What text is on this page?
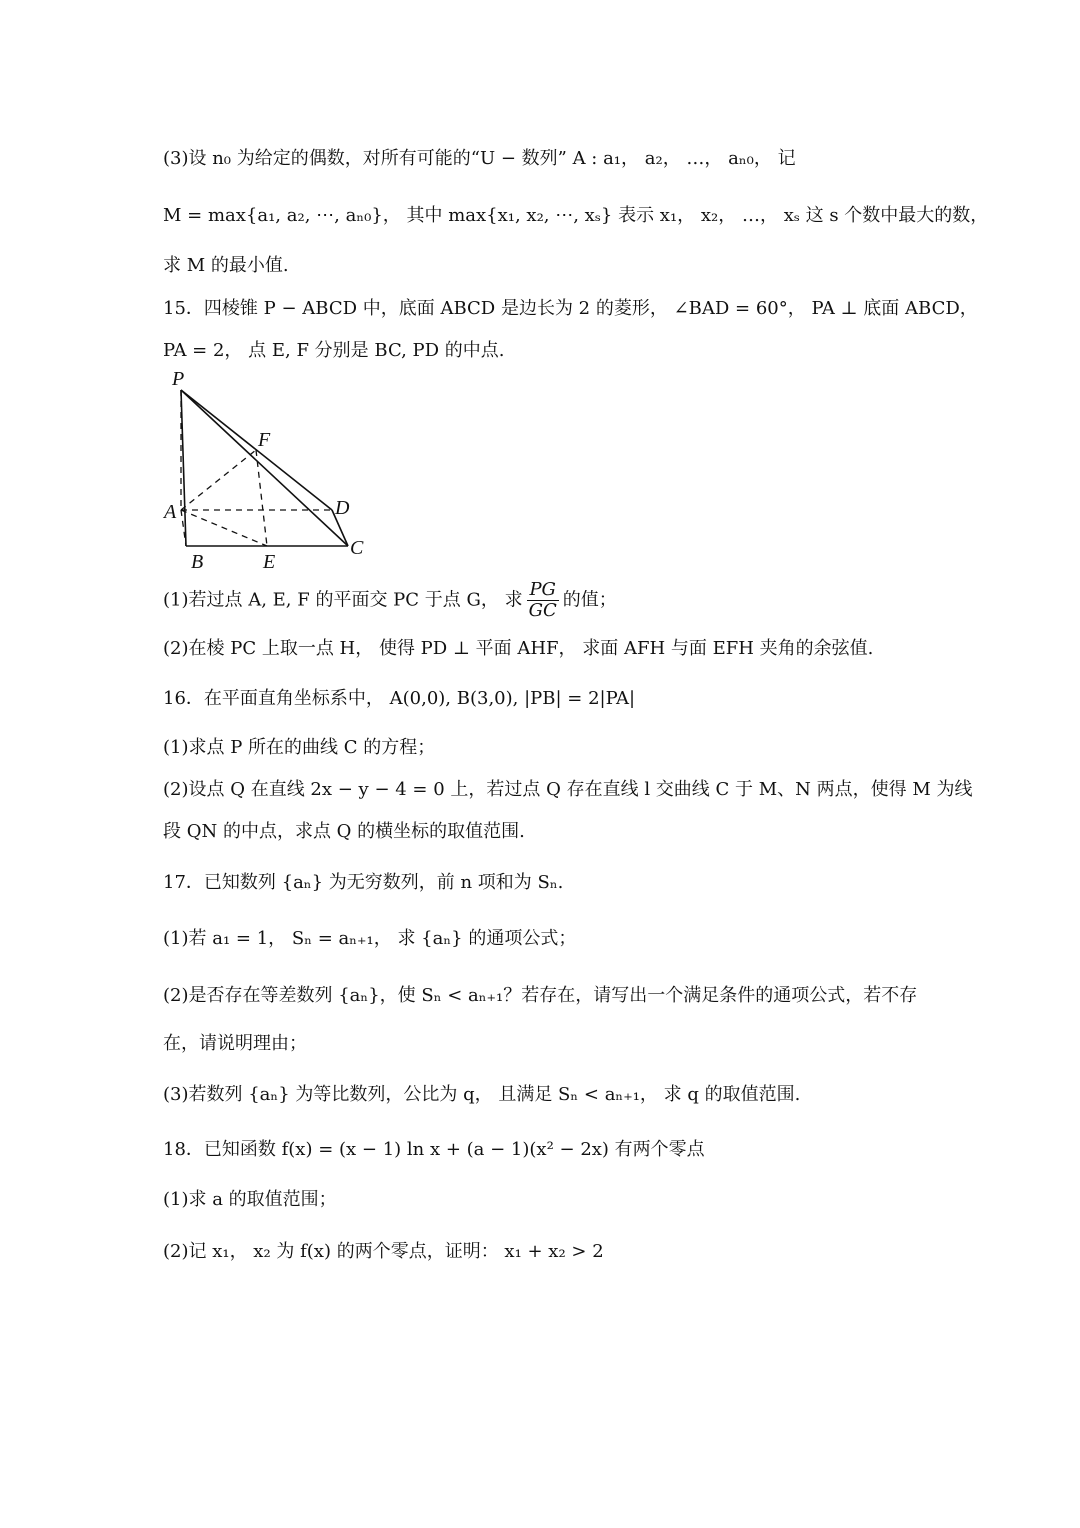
(3)设 n₀ 为给定的偶数，对所有可能的“U − 数列” A : a₁， a₂， …， aₙ₀， 记
M = max{a₁, a₂, ⋯, aₙ₀}， 其中 max{x₁, x₂, ⋯, xₛ} 表示 x₁， x₂， …， xₛ 这 s 个数中最大的数，
求 M 的最小值.
15．四棱锥 P − ABCD 中，底面 ABCD 是边长为 2 的菱形， ∠BAD = 60°， PA ⊥ 底面 ABCD，
PA = 2， 点 E, F 分别是 BC, PD 的中点.
P
F
A	D
B	E
C
(1)若过点 A, E, F 的平面交 PC 于点 G， 求 $\frac{PG}{GC}$ 的值；
(2)在棱 PC 上取一点 H， 使得 PD ⊥ 平面 AHF， 求面 AFH 与面 EFH 夹角的余弦值.
16．在平面直角坐标系中， A(0,0), B(3,0), |PB| = 2|PA|
(1)求点 P 所在的曲线 C 的方程；
(2)设点 Q 在直线 2x − y − 4 = 0 上，若过点 Q 存在直线 l 交曲线 C 于 M、N 两点，使得 M 为线
段 QN 的中点，求点 Q 的横坐标的取值范围.
17．已知数列 {aₙ} 为无穷数列，前 n 项和为 Sₙ.
(1)若 a₁ = 1， Sₙ = aₙ₊₁， 求 {aₙ} 的通项公式；
(2)是否存在等差数列 {aₙ}，使 Sₙ < aₙ₊₁？若存在，请写出一个满足条件的通项公式，若不存
在，请说明理由；
(3)若数列 {aₙ} 为等比数列，公比为 q， 且满足 Sₙ < aₙ₊₁， 求 q 的取值范围.
18．已知函数 f(x) = (x − 1) ln x + (a − 1)(x² − 2x) 有两个零点
(1)求 a 的取值范围；
(2)记 x₁， x₂ 为 f(x) 的两个零点，证明： x₁ + x₂ > 2
